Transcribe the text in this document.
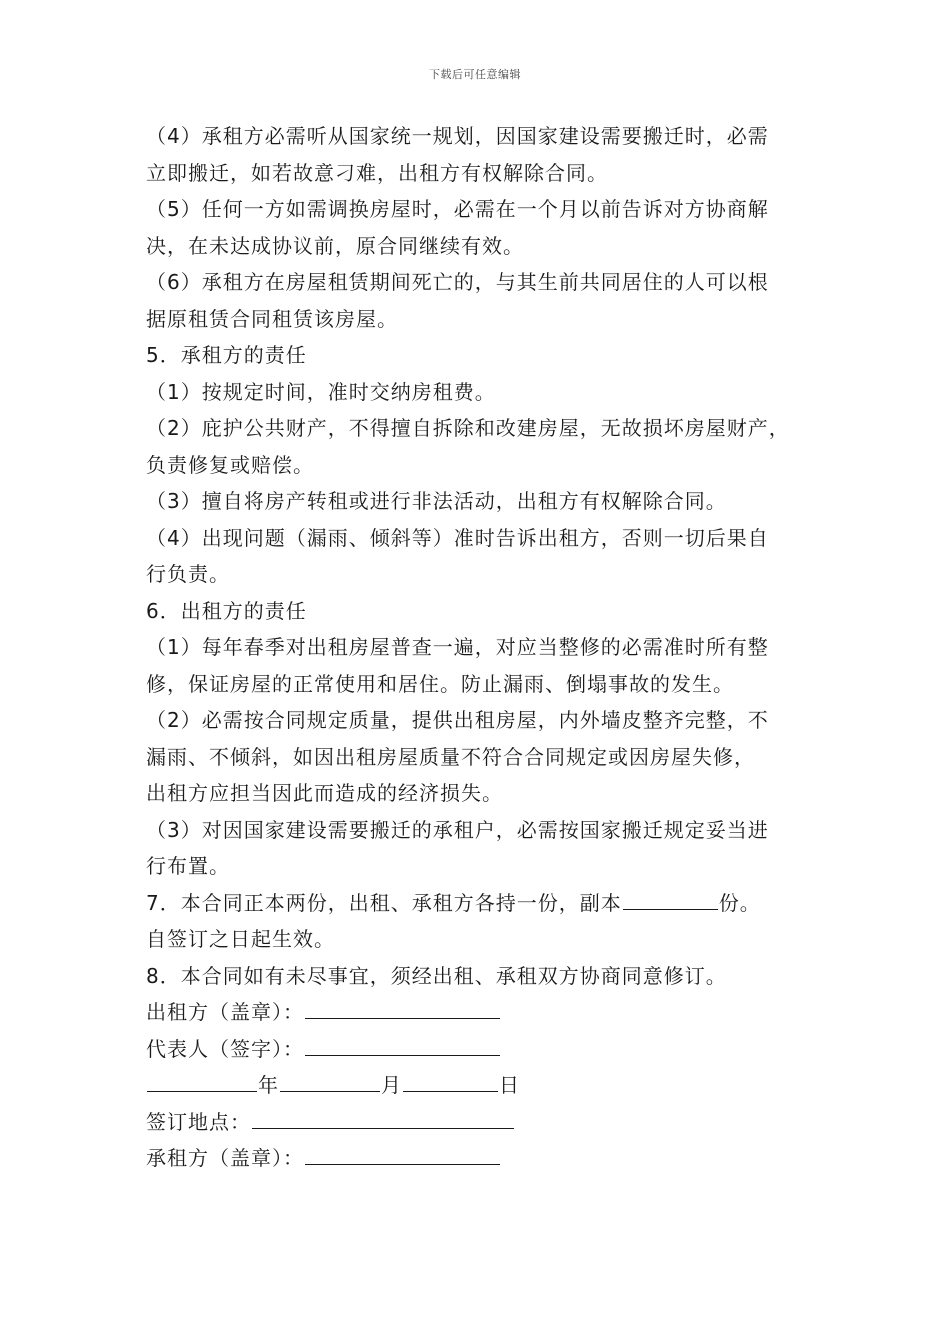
下载后可任意编辑
（4）承租方必需听从国家统一规划，因国家建设需要搬迁时，必需
立即搬迁，如若故意刁难，出租方有权解除合同。
（5）任何一方如需调换房屋时，必需在一个月以前告诉对方协商解
决，在未达成协议前，原合同继续有效。
（6）承租方在房屋租赁期间死亡的，与其生前共同居住的人可以根
据原租赁合同租赁该房屋。
5．承租方的责任
（1）按规定时间，准时交纳房租费。
（2）庇护公共财产，不得擅自拆除和改建房屋，无故损坏房屋财产，
负责修复或赔偿。
（3）擅自将房产转租或进行非法活动，出租方有权解除合同。
（4）出现问题（漏雨、倾斜等）准时告诉出租方，否则一切后果自
行负责。
6．出租方的责任
（1）每年春季对出租房屋普查一遍，对应当整修的必需准时所有整
修，保证房屋的正常使用和居住。防止漏雨、倒塌事故的发生。
（2）必需按合同规定质量，提供出租房屋，内外墙皮整齐完整，不
漏雨、不倾斜，如因出租房屋质量不符合合同规定或因房屋失修，
出租方应担当因此而造成的经济损失。
（3）对因国家建设需要搬迁的承租户，必需按国家搬迁规定妥当进
行布置。
7．本合同正本两份，出租、承租方各持一份，副本	份。
自签订之日起生效。
8．本合同如有未尽事宜，须经出租、承租双方协商同意修订。
出租方（盖章）：
代表人（签字）：
年	月	日
签订地点：
承租方（盖章）：
